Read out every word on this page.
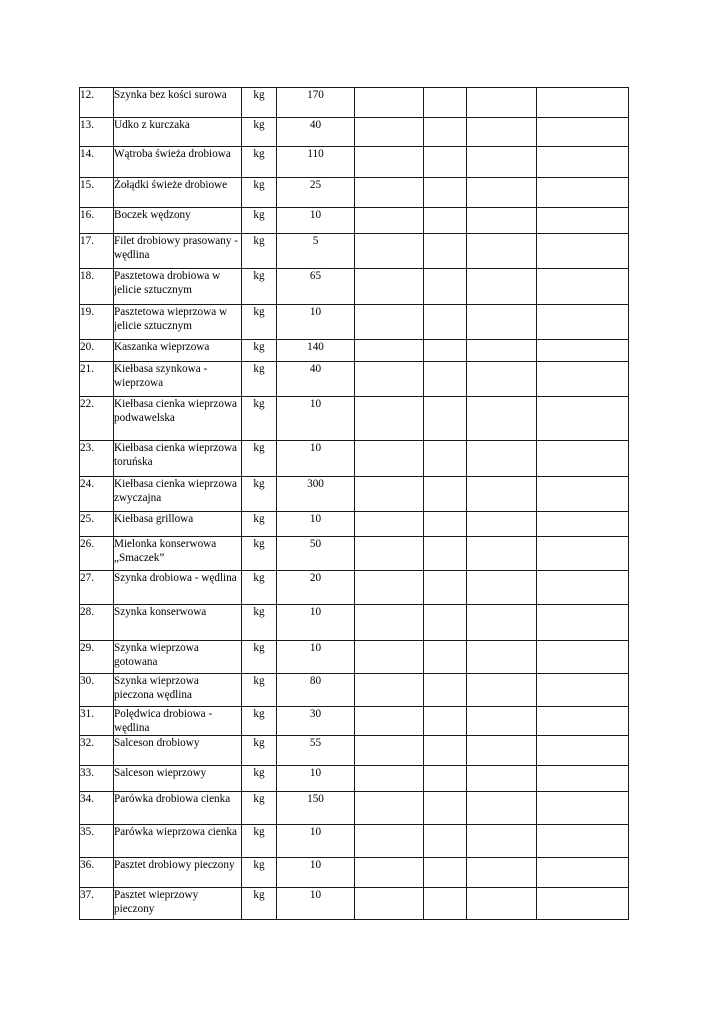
12.	Szynka bez kości surowa	kg	170				
13.	Udko z kurczaka	kg	40				
14.	Wątroba świeża drobiowa	kg	110				
15.	Żołądki świeże drobiowe	kg	25				
16.	Boczek wędzony	kg	10				
17.	Filet drobiowy prasowany - wędlina	kg	5				
18.	Pasztetowa drobiowa w jelicie sztucznym	kg	65				
19.	Pasztetowa wieprzowa w jelicie sztucznym	kg	10				
20.	Kaszanka wieprzowa	kg	140				
21.	Kiełbasa szynkowa - wieprzowa	kg	40				
22.	Kiełbasa cienka wieprzowa podwawelska	kg	10				
23.	Kiełbasa cienka wieprzowa toruńska	kg	10				
24.	Kiełbasa cienka wieprzowa zwyczajna	kg	300				
25.	Kiełbasa grillowa	kg	10				
26.	Mielonka konserwowa „Smaczek”	kg	50				
27.	Szynka drobiowa - wędlina	kg	20				
28.	Szynka konserwowa	kg	10				
29.	Szynka wieprzowa gotowana	kg	10				
30.	Szynka wieprzowa pieczona wędlina	kg	80				
31.	Polędwica drobiowa - wędlina	kg	30				
32.	Salceson drobiowy	kg	55				
33.	Salceson wieprzowy	kg	10				
34.	Parówka drobiowa cienka	kg	150				
35.	Parówka wieprzowa cienka	kg	10				
36.	Pasztet drobiowy pieczony	kg	10				
37.	Pasztet wieprzowy pieczony	kg	10				
